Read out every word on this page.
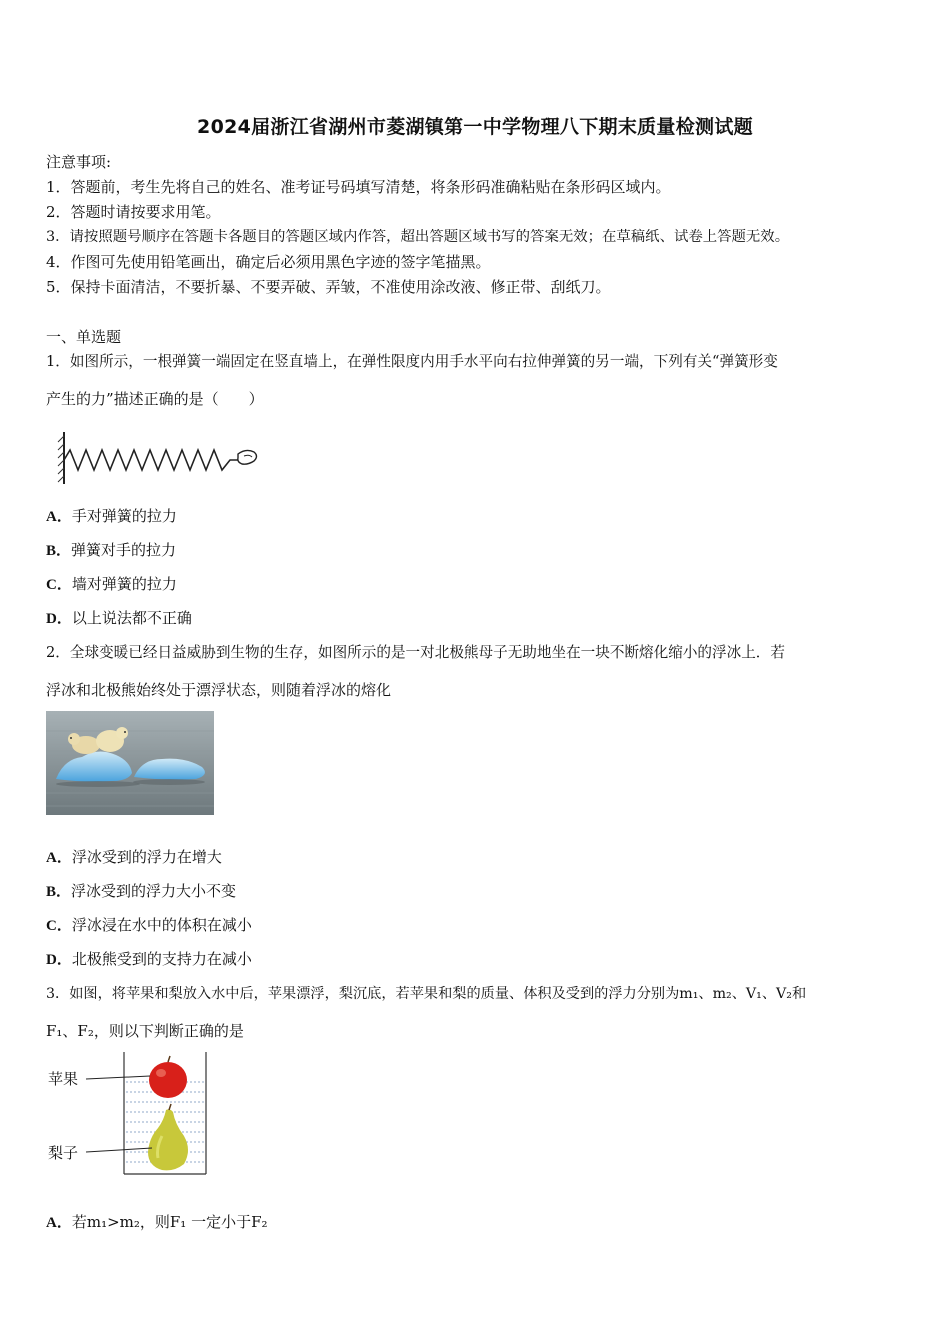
2024届浙江省湖州市菱湖镇第一中学物理八下期末质量检测试题
注意事项:
1．答题前，考生先将自己的姓名、准考证号码填写清楚，将条形码准确粘贴在条形码区域内。
2．答题时请按要求用笔。
3．请按照题号顺序在答题卡各题目的答题区域内作答，超出答题区域书写的答案无效；在草稿纸、试卷上答题无效。
4．作图可先使用铅笔画出，确定后必须用黑色字迹的签字笔描黑。
5．保持卡面清洁，不要折暴、不要弄破、弄皱，不准使用涂改液、修正带、刮纸刀。
一、单选题
1．如图所示，一根弹簧一端固定在竖直墙上，在弹性限度内用手水平向右拉伸弹簧的另一端，下列有关“弹簧形变
产生的力”描述正确的是（　　）
A．手对弹簧的拉力
B．弹簧对手的拉力
C．墙对弹簧的拉力
D．以上说法都不正确
2．全球变暖已经日益威胁到生物的生存，如图所示的是一对北极熊母子无助地坐在一块不断熔化缩小的浮冰上．若
浮冰和北极熊始终处于漂浮状态，则随着浮冰的熔化
A．浮冰受到的浮力在增大
B．浮冰受到的浮力大小不变
C．浮冰浸在水中的体积在减小
D．北极熊受到的支持力在减小
3．如图，将苹果和梨放入水中后，苹果漂浮，梨沉底，若苹果和梨的质量、体积及受到的浮力分别为m₁、m₂、V₁、V₂和
F₁、F₂，则以下判断正确的是
苹果
梨子
A．若m₁>m₂，则F₁ 一定小于F₂
